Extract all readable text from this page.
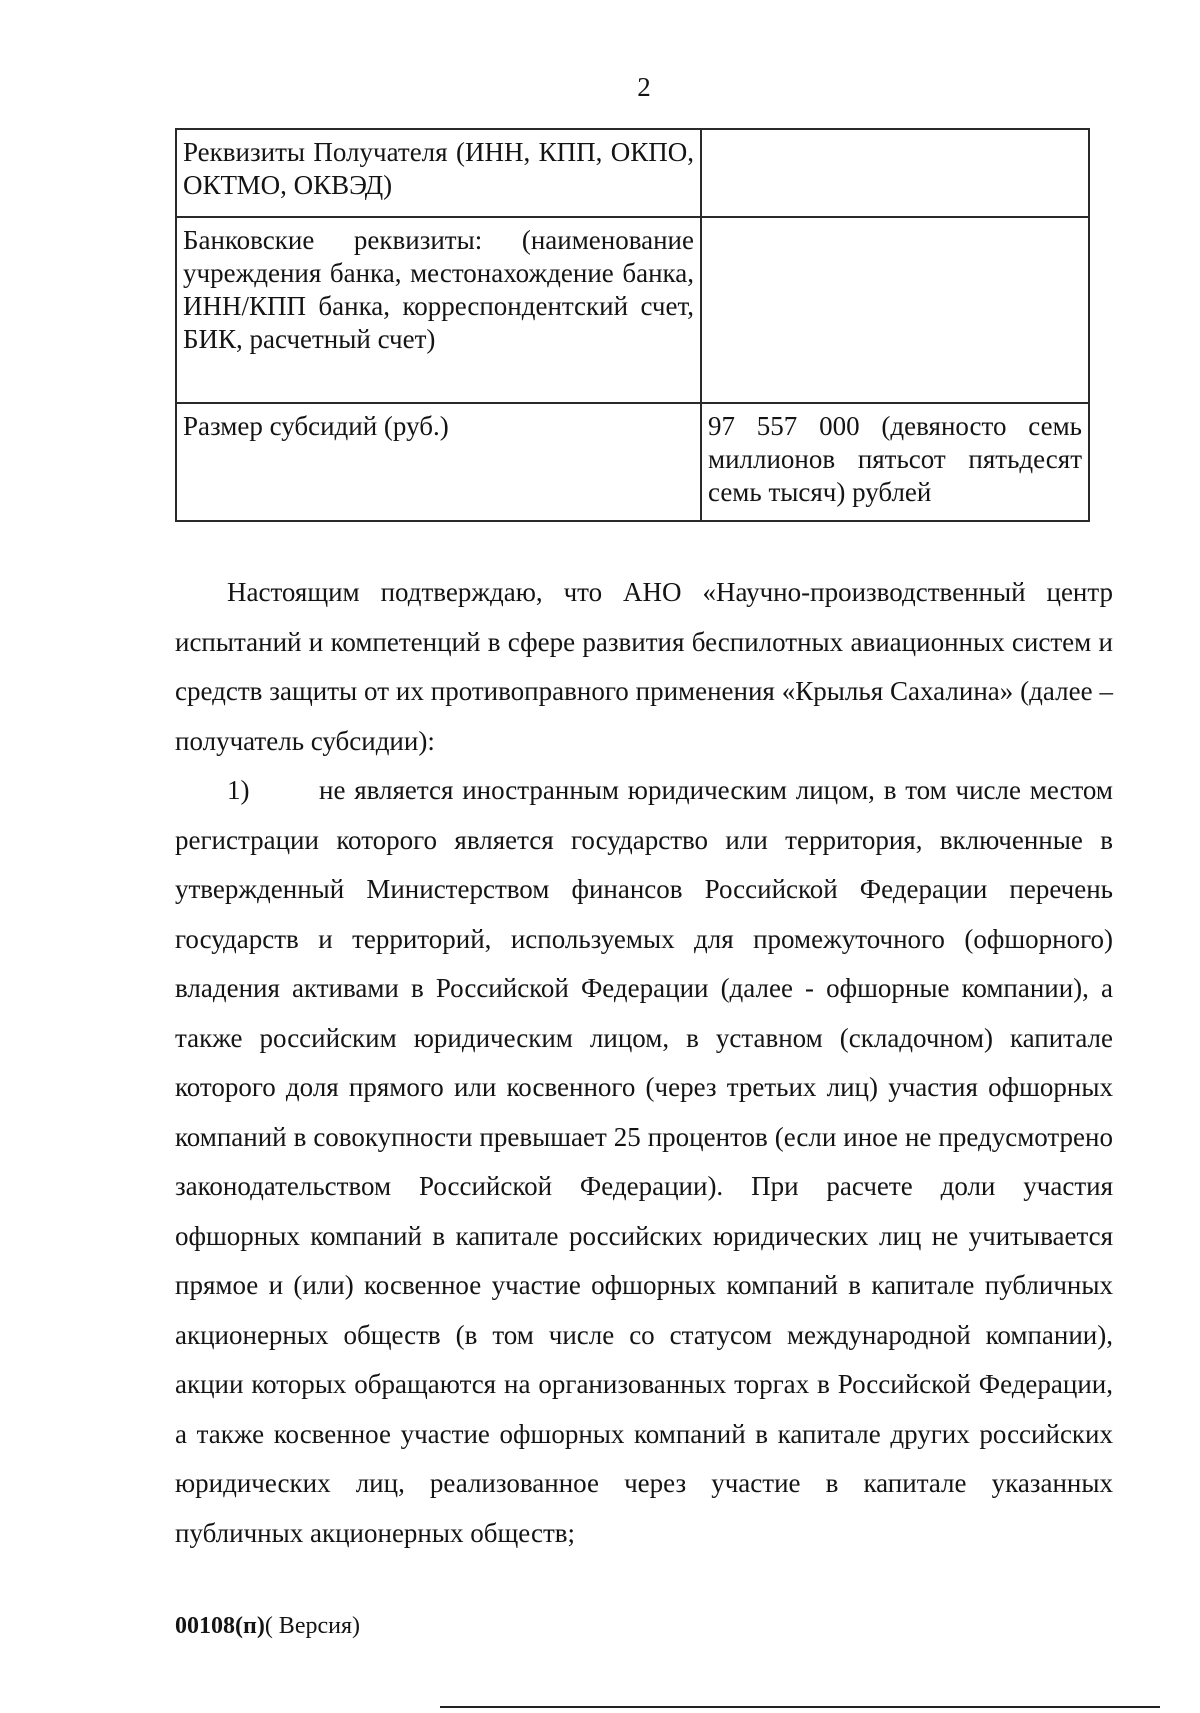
2
Реквизиты Получателя (ИНН, КПП, ОКПО, ОКТМО, ОКВЭД)	
Банковские реквизиты: (наименование учреждения банка, местонахождение банка, ИНН/КПП банка, корреспондентский счет, БИК, расчетный счет)	
Размер субсидий (руб.)	97 557 000 (девяносто семь миллионов пятьсот пятьдесят семь тысяч) рублей

Настоящим подтверждаю, что АНО «Научно-производственный центр испытаний и компетенций в сфере развития беспилотных авиационных систем и средств защиты от их противоправного применения «Крылья Сахалина» (далее – получатель субсидии):

1)	не является иностранным юридическим лицом, в том числе местом регистрации которого является государство или территория, включенные в утвержденный Министерством финансов Российской Федерации перечень государств и территорий, используемых для промежуточного (офшорного) владения активами в Российской Федерации (далее - офшорные компании), а также российским юридическим лицом, в уставном (складочном) капитале которого доля прямого или косвенного (через третьих лиц) участия офшорных компаний в совокупности превышает 25 процентов (если иное не предусмотрено законодательством Российской Федерации). При расчете доли участия офшорных компаний в капитале российских юридических лиц не учитывается прямое и (или) косвенное участие офшорных компаний в капитале публичных акционерных обществ (в том числе со статусом международной компании), акции которых обращаются на организованных торгах в Российской Федерации, а также косвенное участие офшорных компаний в капитале других российских юридических лиц, реализованное через участие в капитале указанных публичных акционерных обществ;

00108(п)( Версия)
